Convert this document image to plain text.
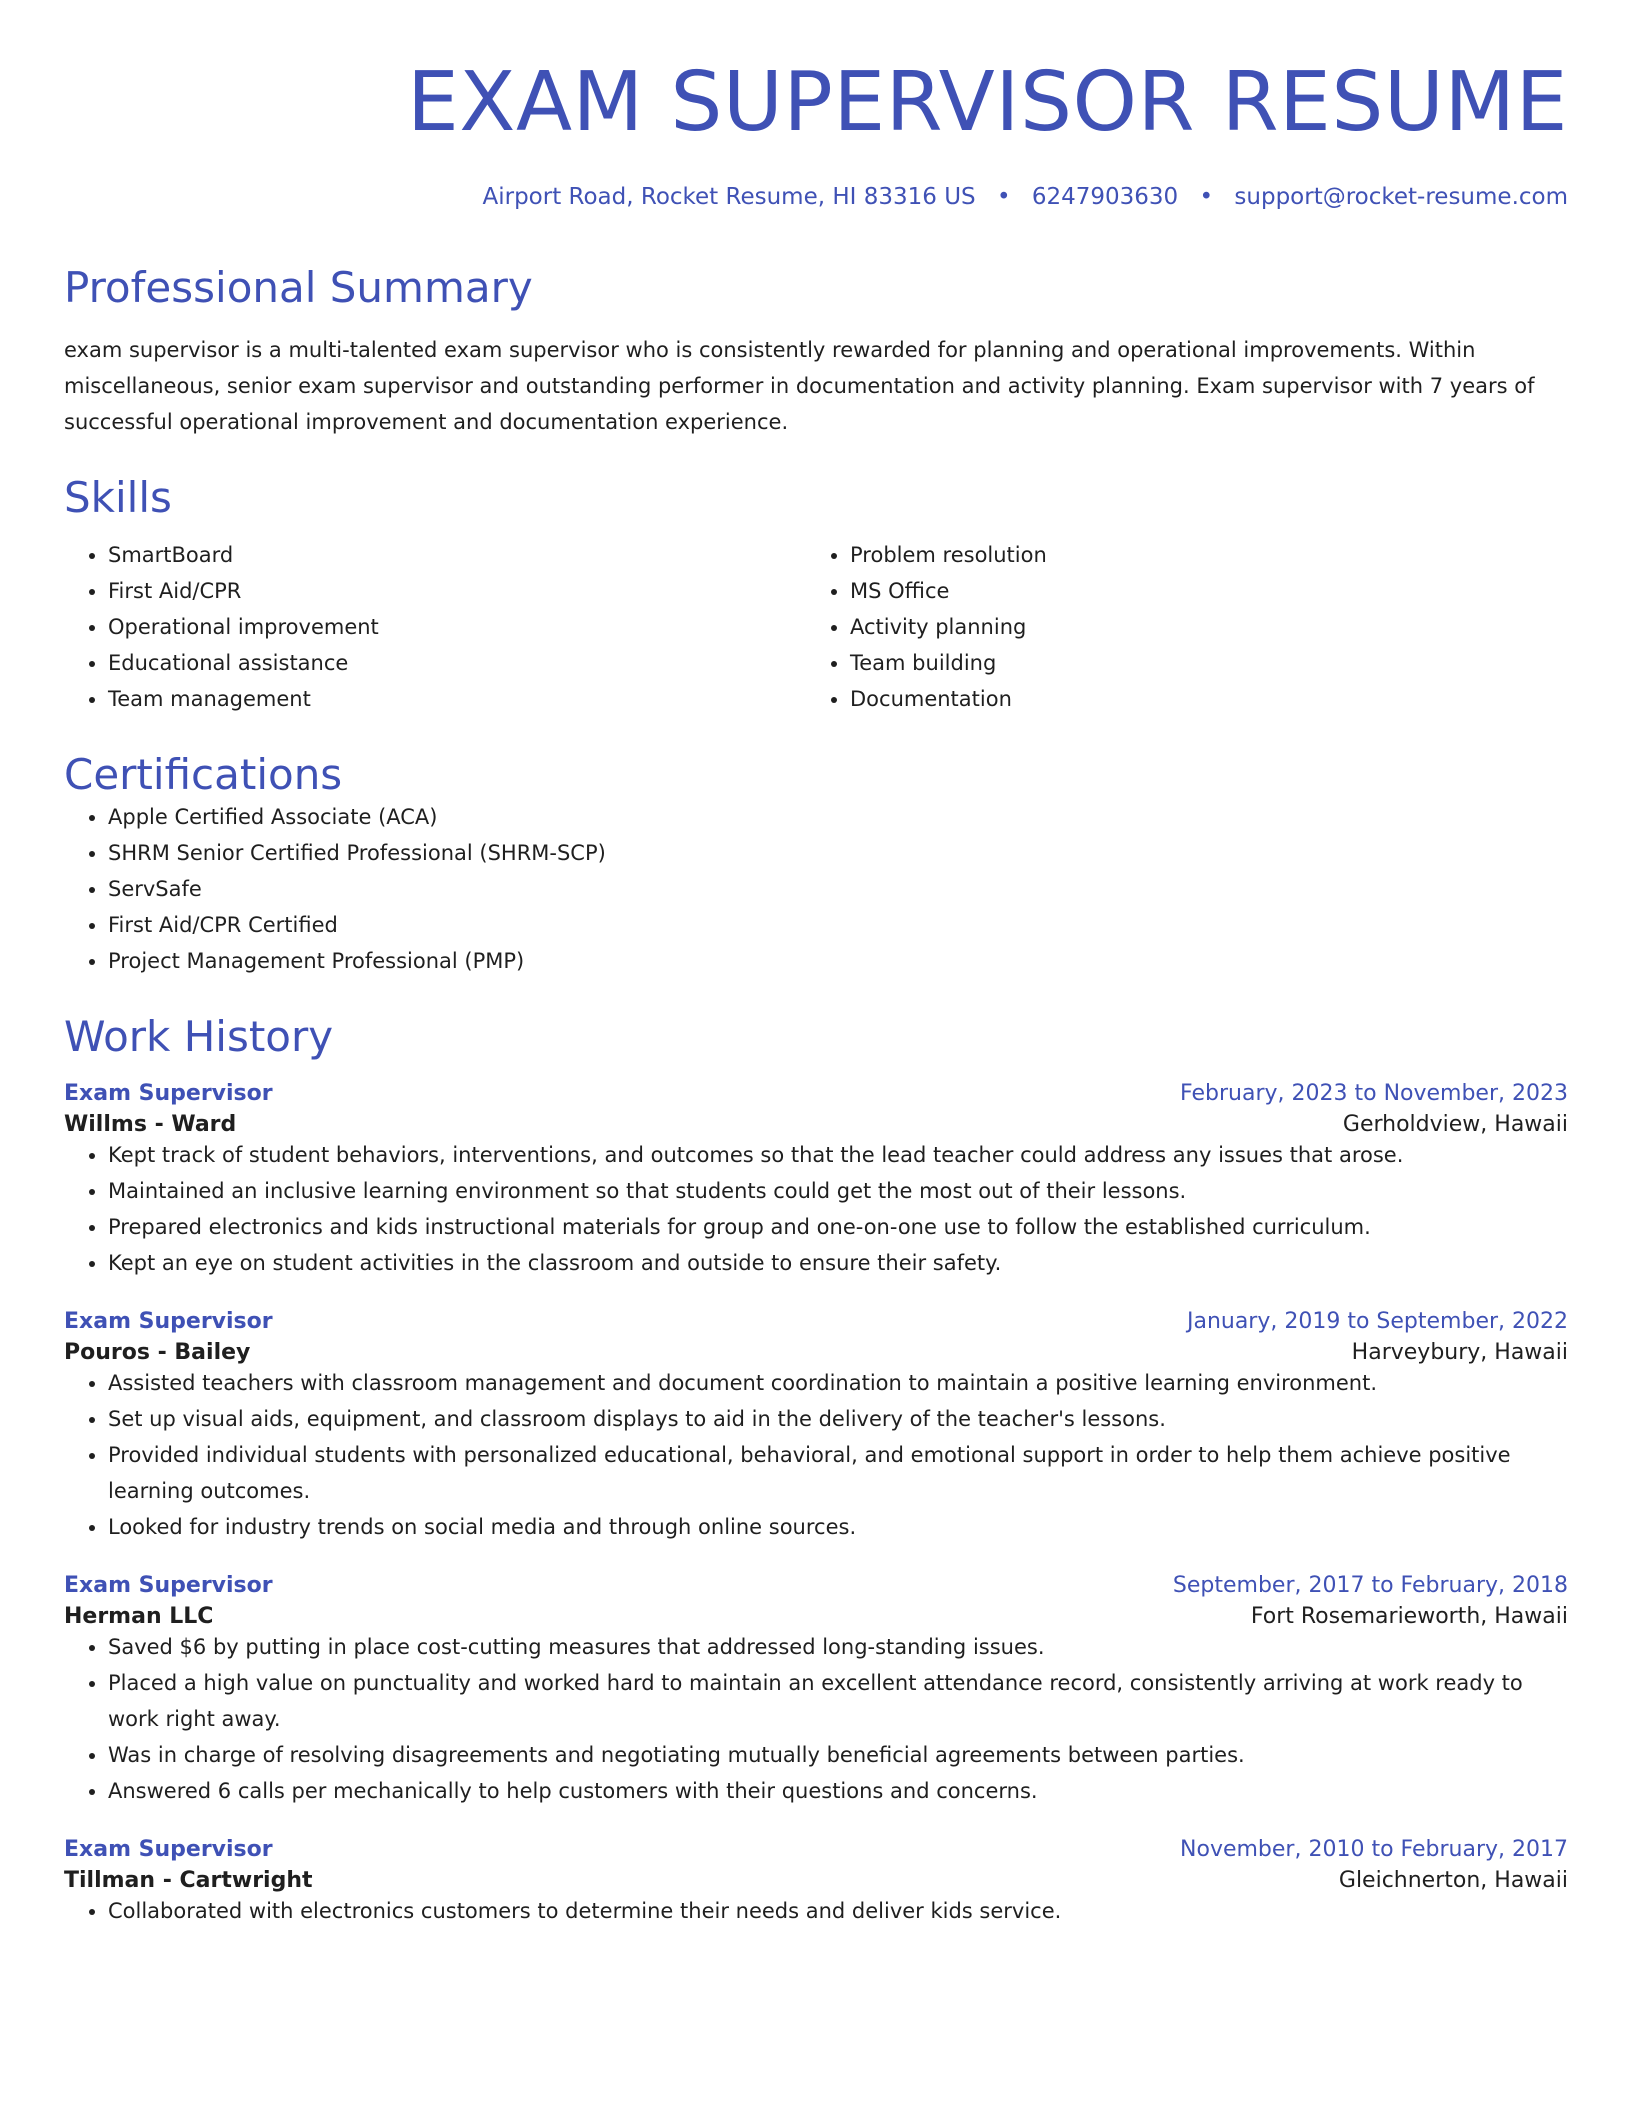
EXAM SUPERVISOR RESUME
Airport Road, Rocket Resume, HI 83316 US • 6247903630 • support@rocket-resume.com
Professional Summary
exam supervisor is a multi-talented exam supervisor who is consistently rewarded for planning and operational improvements. Within miscellaneous, senior exam supervisor and outstanding performer in documentation and activity planning. Exam supervisor with 7 years of successful operational improvement and documentation experience.
Skills
• SmartBoard
• First Aid/CPR
• Operational improvement
• Educational assistance
• Team management
• Problem resolution
• MS Office
• Activity planning
• Team building
• Documentation
Certifications
• Apple Certified Associate (ACA)
• SHRM Senior Certified Professional (SHRM-SCP)
• ServSafe
• First Aid/CPR Certified
• Project Management Professional (PMP)
Work History
Exam Supervisor	February, 2023 to November, 2023
Willms - Ward	Gerholdview, Hawaii
• Kept track of student behaviors, interventions, and outcomes so that the lead teacher could address any issues that arose.
• Maintained an inclusive learning environment so that students could get the most out of their lessons.
• Prepared electronics and kids instructional materials for group and one-on-one use to follow the established curriculum.
• Kept an eye on student activities in the classroom and outside to ensure their safety.
Exam Supervisor	January, 2019 to September, 2022
Pouros - Bailey	Harveybury, Hawaii
• Assisted teachers with classroom management and document coordination to maintain a positive learning environment.
• Set up visual aids, equipment, and classroom displays to aid in the delivery of the teacher's lessons.
• Provided individual students with personalized educational, behavioral, and emotional support in order to help them achieve positive learning outcomes.
• Looked for industry trends on social media and through online sources.
Exam Supervisor	September, 2017 to February, 2018
Herman LLC	Fort Rosemarieworth, Hawaii
• Saved $6 by putting in place cost-cutting measures that addressed long-standing issues.
• Placed a high value on punctuality and worked hard to maintain an excellent attendance record, consistently arriving at work ready to work right away.
• Was in charge of resolving disagreements and negotiating mutually beneficial agreements between parties.
• Answered 6 calls per mechanically to help customers with their questions and concerns.
Exam Supervisor	November, 2010 to February, 2017
Tillman - Cartwright	Gleichnerton, Hawaii
• Collaborated with electronics customers to determine their needs and deliver kids service.
